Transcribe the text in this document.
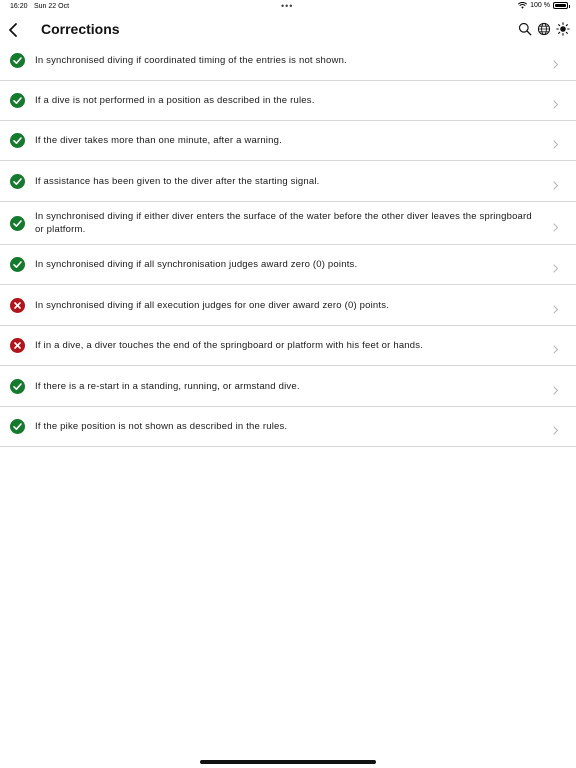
16:20 Sun 22 Oct	•••	100 %
Corrections
In synchronised diving if coordinated timing of the entries is not shown.
If a dive is not performed in a position as described in the rules.
If the diver takes more than one minute, after a warning.
If assistance has been given to the diver after the starting signal.
In synchronised diving if either diver enters the surface of the water before the other diver leaves the springboard or platform.
In synchronised diving if all synchronisation judges award zero (0) points.
In synchronised diving if all execution judges for one diver award zero (0) points.
If in a dive, a diver touches the end of the springboard or platform with his feet or hands.
If there is a re-start in a standing, running, or armstand dive.
If the pike position is not shown as described in the rules.
